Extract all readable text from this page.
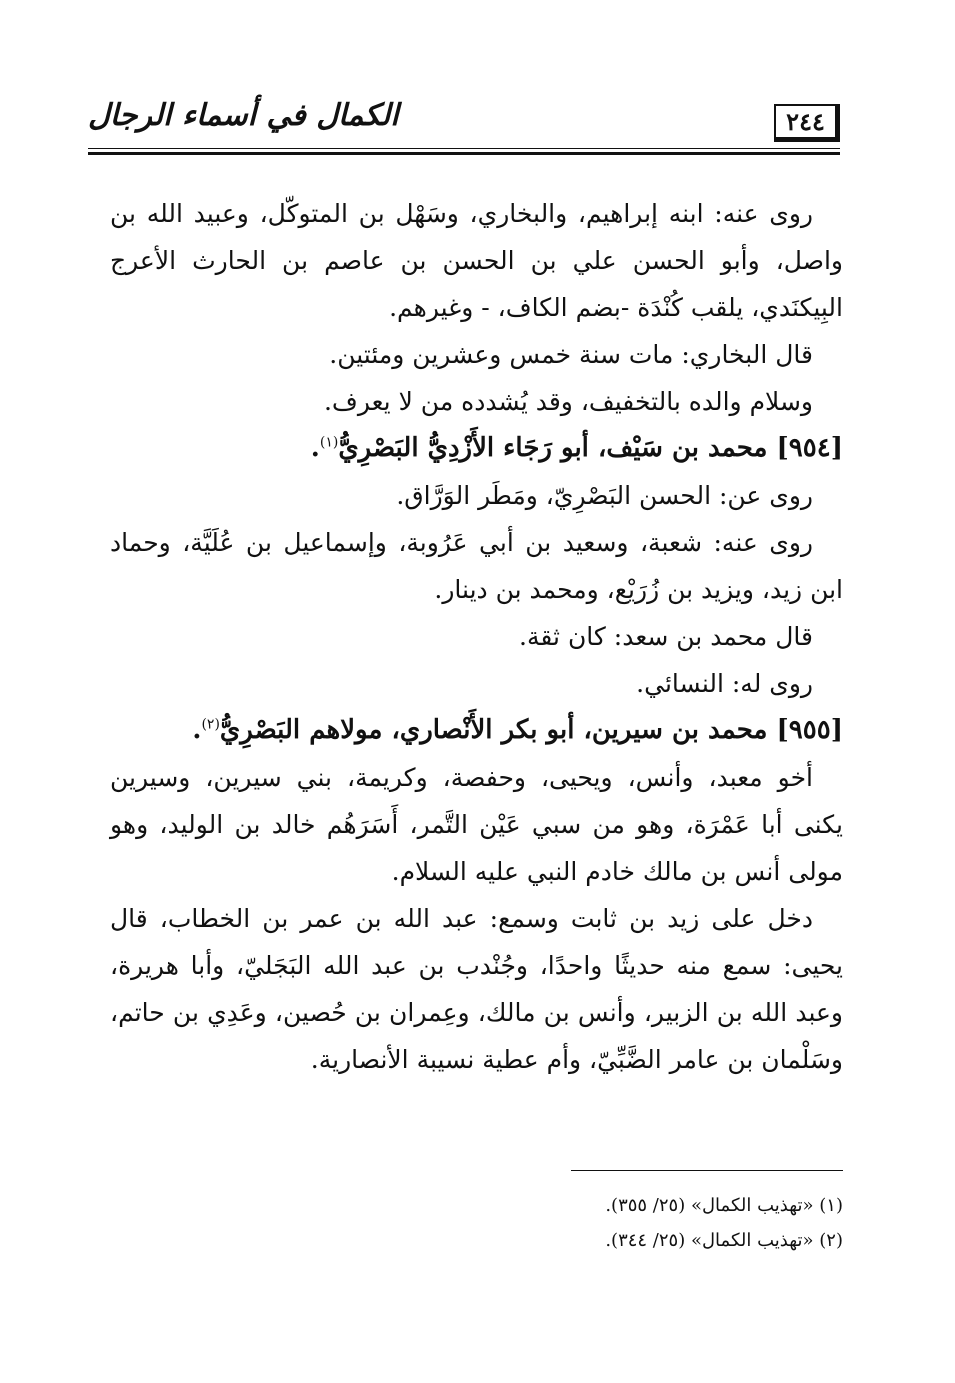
٢٤٤
الكمال في أسماء الرجال

روى عنه: ابنه إبراهيم، والبخاري، وسَهْل بن المتوكّل، وعبيد الله بن واصل، وأبو الحسن علي بن الحسن بن عاصم بن الحارث الأعرج البِيكنَدي، يلقب كُنْدَة -بضم الكاف، - وغيرهم.

قال البخاري: مات سنة خمس وعشرين ومئتين.

وسلام والده بالتخفيف، وقد يُشدده من لا يعرف.

[٩٥٤] محمد بن سَيْف، أبو رَجَاء الأَزْدِيُّ البَصْرِيُّ$^{(١)}$.

روى عن: الحسن البَصْرِيّ، ومَطَر الوَرَّاق.

روى عنه: شعبة، وسعيد بن أبي عَرُوبة، وإسماعيل بن عُلَيَّة، وحماد ابن زيد، ويزيد بن زُرَيْع، ومحمد بن دينار.

قال محمد بن سعد: كان ثقة.

روى له: النسائي.

[٩٥٥] محمد بن سيرين، أبو بكر الأَنْصاري، مولاهم البَصْرِيُّ$^{(٢)}$.

أخو معبد، وأنس، ويحيى، وحفصة، وكريمة، بني سيرين، وسيرين يكنى أبا عَمْرَة، وهو من سبي عَيْن التَّمر، أَسَرَهُم خالد بن الوليد، وهو مولى أنس بن مالك خادم النبي عليه السلام.

دخل على زيد بن ثابت وسمع: عبد الله بن عمر بن الخطاب، قال يحيى: سمع منه حديثًا واحدًا، وجُنْدب بن عبد الله البَجَليّ، وأبا هريرة، وعبد الله بن الزبير، وأنس بن مالك، وعِمران بن حُصين، وعَدِي بن حاتم، وسَلْمان بن عامر الضَّبِّيّ، وأم عطية نسيبة الأنصارية.

(١) «تهذيب الكمال» (٢٥/ ٣٥٥).

(٢) «تهذيب الكمال» (٢٥/ ٣٤٤).
